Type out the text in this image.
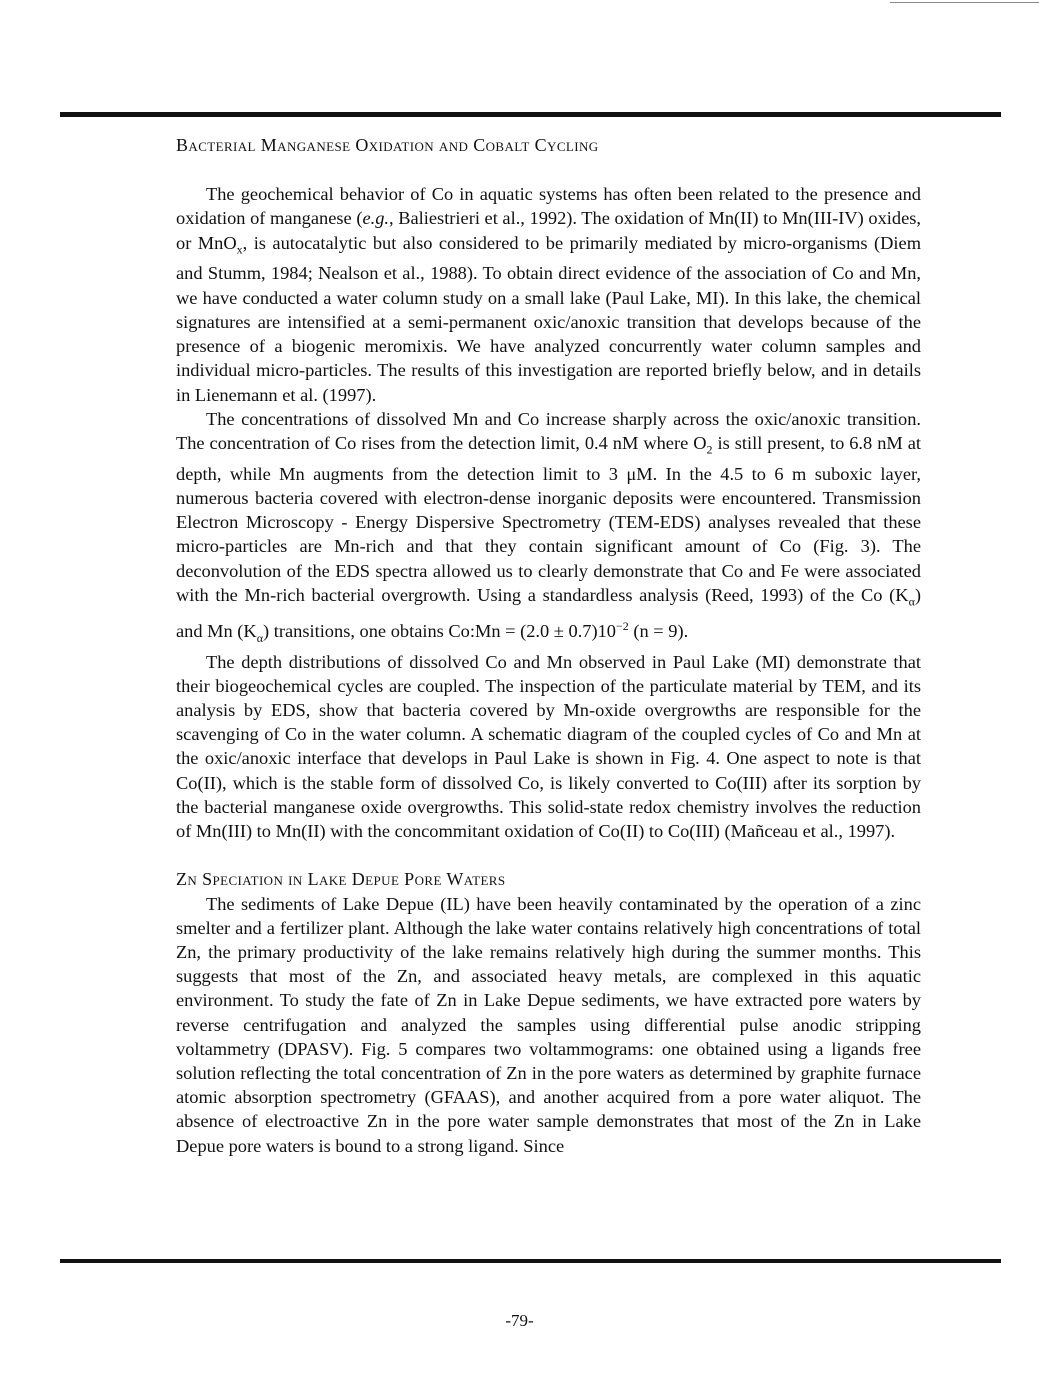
Bacterial Manganese Oxidation and Cobalt Cycling

The geochemical behavior of Co in aquatic systems has often been related to the presence and oxidation of manganese (e.g., Baliestrieri et al., 1992). The oxidation of Mn(II) to Mn(III-IV) oxides, or MnO$_x$, is autocatalytic but also considered to be primarily mediated by micro-organisms (Diem and Stumm, 1984; Nealson et al., 1988). To obtain direct evidence of the association of Co and Mn, we have conducted a water column study on a small lake (Paul Lake, MI). In this lake, the chemical signatures are intensified at a semi-permanent oxic/anoxic transition that develops because of the presence of a biogenic meromixis. We have analyzed concurrently water column samples and individual micro-particles. The results of this investigation are reported briefly below, and in details in Lienemann et al. (1997).

The concentrations of dissolved Mn and Co increase sharply across the oxic/anoxic transition. The concentration of Co rises from the detection limit, 0.4 nM where $O_2$ is still present, to 6.8 nM at depth, while Mn augments from the detection limit to 3 μM. In the 4.5 to 6 m suboxic layer, numerous bacteria covered with electron-dense inorganic deposits were encountered. Transmission Electron Microscopy - Energy Dispersive Spectrometry (TEM-EDS) analyses revealed that these micro-particles are Mn-rich and that they contain significant amount of Co (Fig. 3). The deconvolution of the EDS spectra allowed us to clearly demonstrate that Co and Fe were associated with the Mn-rich bacterial overgrowth. Using a standardless analysis (Reed, 1993) of the Co $(K_\alpha)$ and Mn $(K_\alpha)$ transitions, one obtains Co:Mn = $(2.0 \pm 0.7)10^{-2}$ (n = 9).

The depth distributions of dissolved Co and Mn observed in Paul Lake (MI) demonstrate that their biogeochemical cycles are coupled. The inspection of the particulate material by TEM, and its analysis by EDS, show that bacteria covered by Mn-oxide overgrowths are responsible for the scavenging of Co in the water column. A schematic diagram of the coupled cycles of Co and Mn at the oxic/anoxic interface that develops in Paul Lake is shown in Fig. 4. One aspect to note is that Co(II), which is the stable form of dissolved Co, is likely converted to Co(III) after its sorption by the bacterial manganese oxide overgrowths. This solid-state redox chemistry involves the reduction of Mn(III) to Mn(II) with the concommitant oxidation of Co(II) to Co(III) (Mañceau et al., 1997).

Zn Speciation in Lake Depue Pore Waters

The sediments of Lake Depue (IL) have been heavily contaminated by the operation of a zinc smelter and a fertilizer plant. Although the lake water contains relatively high concentrations of total Zn, the primary productivity of the lake remains relatively high during the summer months. This suggests that most of the Zn, and associated heavy metals, are complexed in this aquatic environment. To study the fate of Zn in Lake Depue sediments, we have extracted pore waters by reverse centrifugation and analyzed the samples using differential pulse anodic stripping voltammetry (DPASV). Fig. 5 compares two voltammograms: one obtained using a ligands free solution reflecting the total concentration of Zn in the pore waters as determined by graphite furnace atomic absorption spectrometry (GFAAS), and another acquired from a pore water aliquot. The absence of electroactive Zn in the pore water sample demonstrates that most of the Zn in Lake Depue pore waters is bound to a strong ligand. Since

-79-
